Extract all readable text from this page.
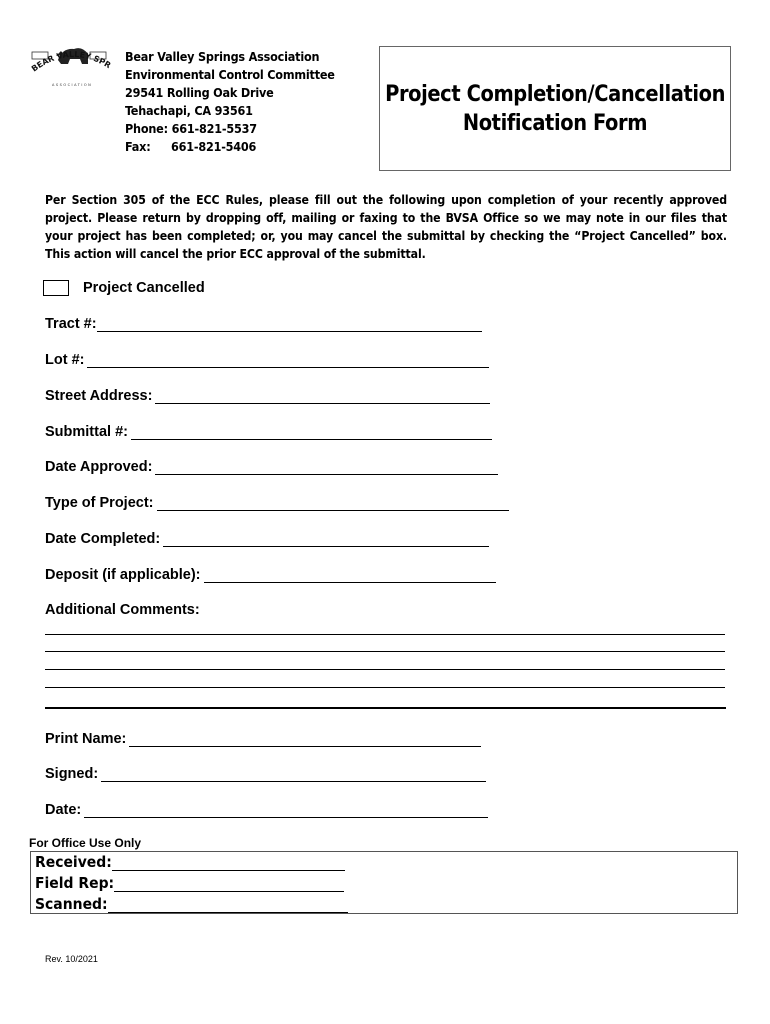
BEAR VALLEY SPR
ASSOCIATION
Bear Valley Springs Association
Environmental Control Committee
29541 Rolling Oak Drive
Tehachapi, CA 93561
Phone: 661-821-5537
Fax: 661-821-5406
Project Completion/Cancellation
Notification Form
Per Section 305 of the ECC Rules, please fill out the following upon completion of your recently approved project. Please return by dropping off, mailing or faxing to the BVSA Office so we may note in our files that your project has been completed; or, you may cancel the submittal by checking the “Project Cancelled” box. This action will cancel the prior ECC approval of the submittal.
Project Cancelled
Tract #:
Lot #:
Street Address:
Submittal #:
Date Approved:
Type of Project:
Date Completed:
Deposit (if applicable):
Additional Comments:
Print Name:
Signed:
Date:
For Office Use Only
Received:
Field Rep:
Scanned:
Rev. 10/2021
